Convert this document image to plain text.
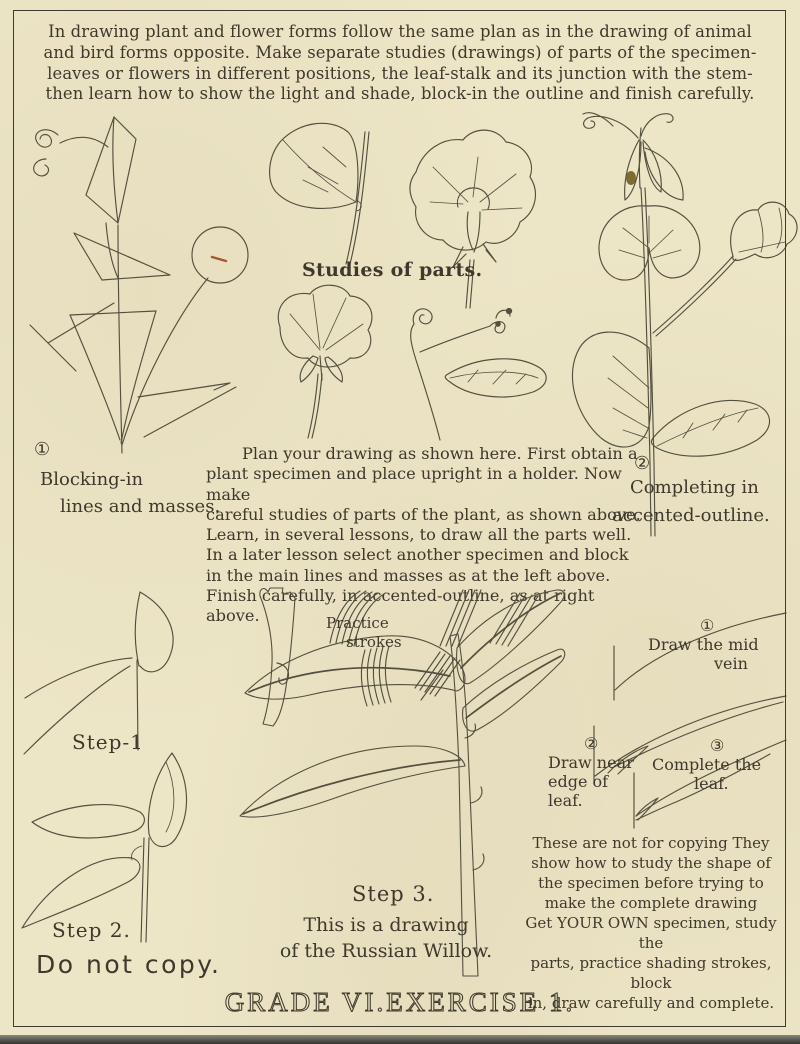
In drawing plant and flower forms follow the same plan as in the drawing of animal
and bird forms opposite. Make separate studies (drawings) of parts of the specimen-
leaves or flowers in different positions, the leaf-stalk and its junction with the stem-
then learn how to show the light and shade, block-in the outline and finish carefully.
①
Blocking-in
lines and masses.
Studies of parts.
Plan your drawing as shown here. First obtain a
plant specimen and place upright in a holder. Now make
careful studies of parts of the plant, as shown above.
Learn, in several lessons, to draw all the parts well.
In a later lesson select another specimen and block
in the main lines and masses as at the left above.
Finish carefully, in accented-outline, as at right above.
②
Completing in
accented-outline.
Step-1
Step 2.
Practice
strokes
①
Draw the mid
vein
②
Draw near
edge of
leaf.
③
Complete the
leaf.
Step 3.
This is a drawing
of the Russian Willow.
These are not for copying They
show how to study the shape of
the specimen before trying to
make the complete drawing
Get YOUR OWN specimen, study the
parts, practice shading strokes, block
in, draw carefully and complete.
Do not copy.
GRADE VI.EXERCISE 1.
